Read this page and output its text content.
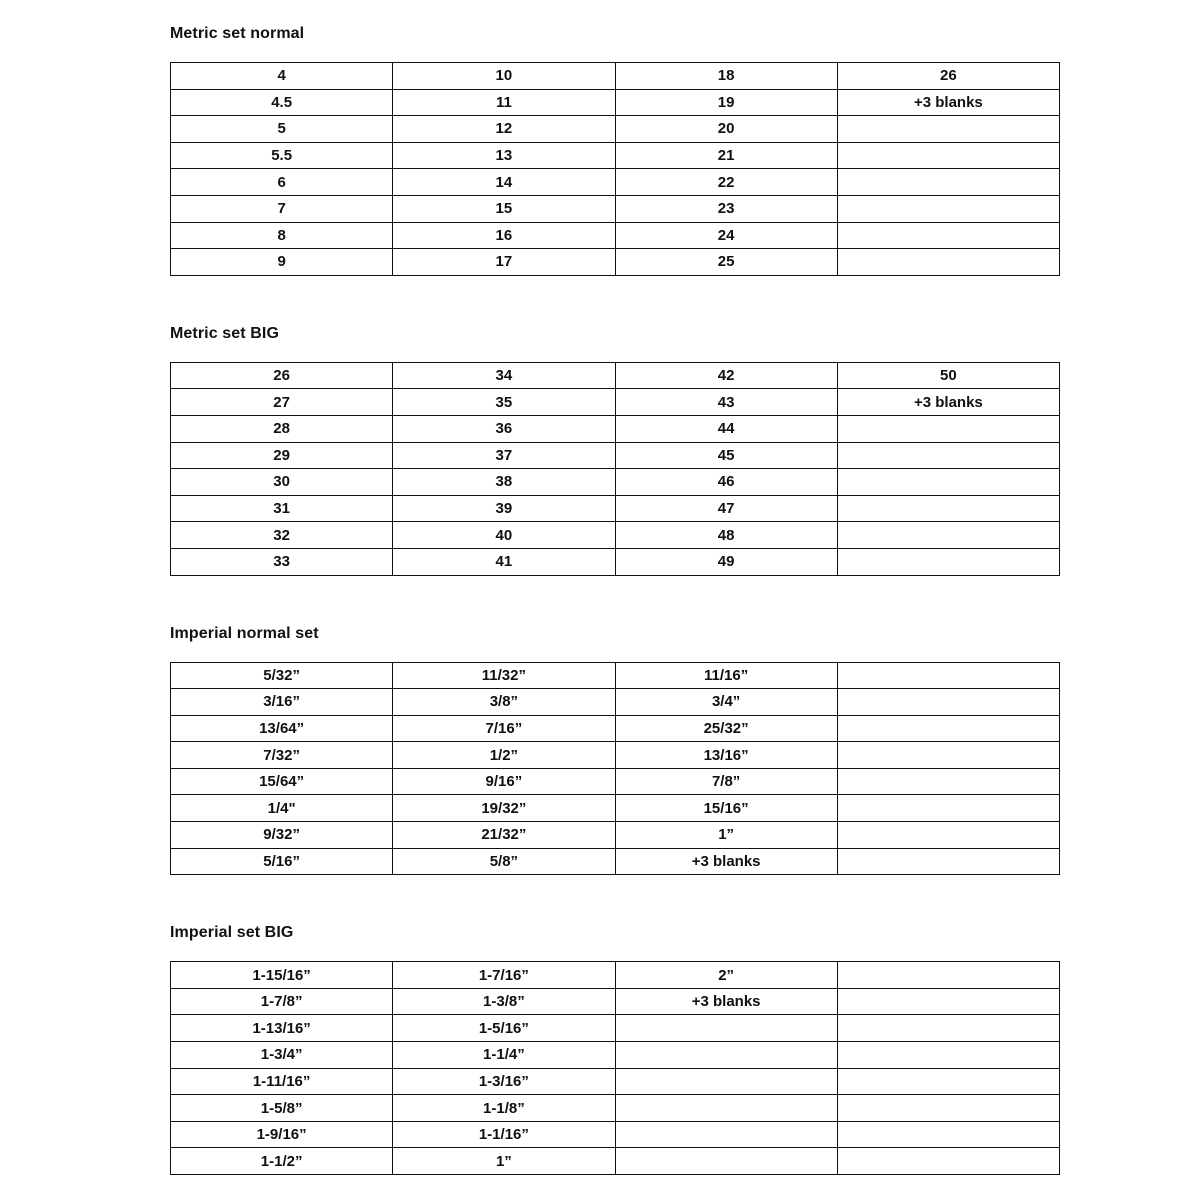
Metric set normal
4	10	18	26
4.5	11	19	+3 blanks
5	12	20	
5.5	13	21	
6	14	22	
7	15	23	
8	16	24	
9	17	25	
Metric set BIG
26	34	42	50
27	35	43	+3 blanks
28	36	44	
29	37	45	
30	38	46	
31	39	47	
32	40	48	
33	41	49	
Imperial normal set
5/32”	11/32”	11/16”	
3/16”	3/8”	3/4”	
13/64”	7/16”	25/32”	
7/32”	1/2”	13/16”	
15/64”	9/16”	7/8”	
1/4"	19/32”	15/16”	
9/32”	21/32”	1”	
5/16”	5/8”	+3 blanks	
Imperial set BIG
1-15/16”	1-7/16”	2”	
1-7/8”	1-3/8”	+3 blanks	
1-13/16”	1-5/16”		
1-3/4”	1-1/4”		
1-11/16”	1-3/16”		
1-5/8”	1-1/8”		
1-9/16”	1-1/16”		
1-1/2”	1”		
